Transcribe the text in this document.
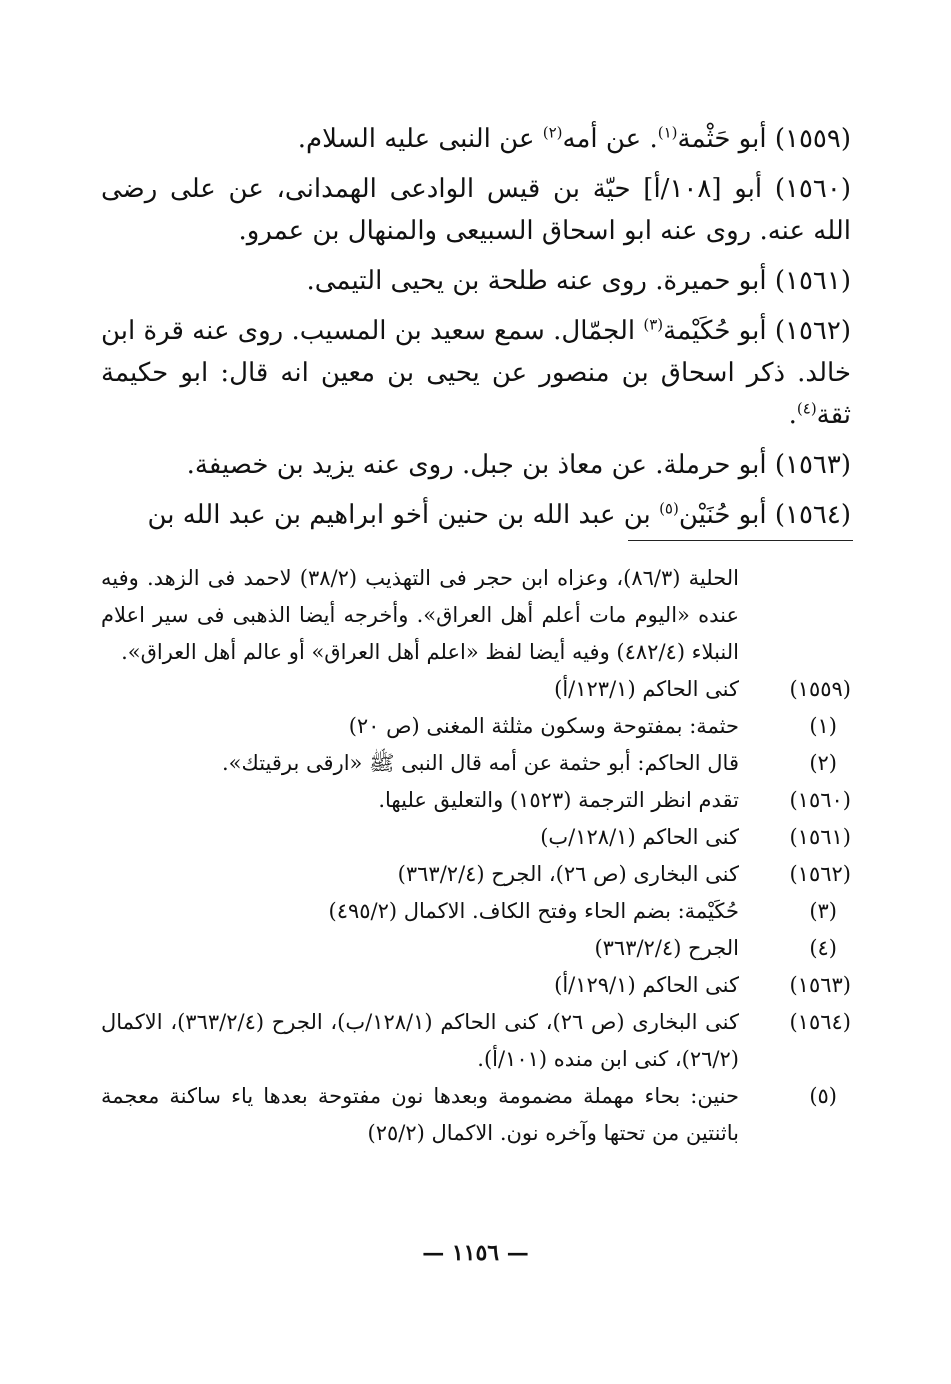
(١٥٥٩) أبو حَثْمة$^{(١)}$. عن أمه$^{(٢)}$ عن النبى عليه السلام.

(١٥٦٠) أبو [١٠٨/أ] حيّة بن قيس الوادعى الهمدانى، عن على رضى الله عنه. روى عنه ابو اسحاق السبيعى والمنهال بن عمرو.

(١٥٦١) أبو حميرة. روى عنه طلحة بن يحيى التيمى.

(١٥٦٢) أبو حُكَيْمة$^{(٣)}$ الجمّال. سمع سعيد بن المسيب. روى عنه قرة ابن خالد. ذكر اسحاق بن منصور عن يحيى بن معين انه قال: ابو حكيمة ثقة$^{(٤)}$.

(١٥٦٣) أبو حرملة. عن معاذ بن جبل. روى عنه يزيد بن خصيفة.

(١٥٦٤) أبو حُنَيْن$^{(٥)}$ بن عبد الله بن حنين أخو ابراهيم بن عبد الله بن

الحلية (٨٦/٣)، وعزاه ابن حجر فى التهذيب (٣٨/٢) لاحمد فى الزهد. وفيه عنده «اليوم مات أعلم أهل العراق». وأخرجه أيضا الذهبى فى سير اعلام النبلاء (٤٨٢/٤) وفيه أيضا لفظ «اعلم أهل العراق» أو عالم أهل العراق».
(١٥٥٩)
كنى الحاكم (١٢٣/١/أ)
(١)
حثمة: بمفتوحة وسكون مثلثة المغنى (ص ٢٠)
(٢)
قال الحاكم: أبو حثمة عن أمه قال النبى ﷺ «ارقى برقيتك».
(١٥٦٠)
تقدم انظر الترجمة (١٥٢٣) والتعليق عليها.
(١٥٦١)
كنى الحاكم (١٢٨/١/ب)
(١٥٦٢)
كنى البخارى (ص ٢٦)، الجرح (٣٦٣/٢/٤)
(٣)
حُكَيْمة: بضم الحاء وفتح الكاف. الاكمال (٤٩٥/٢)
(٤)
الجرح (٣٦٣/٢/٤)
(١٥٦٣)
كنى الحاكم (١٢٩/١/أ)
(١٥٦٤)
كنى البخارى (ص ٢٦)، كنى الحاكم (١٢٨/١/ب)، الجرح (٣٦٣/٢/٤)، الاكمال (٢٦/٢)، كنى ابن منده (١٠١/أ).
(٥)
حنين: بحاء مهملة مضمومة وبعدها نون مفتوحة بعدها ياء ساكنة معجمة باثنتين من تحتها وآخره نون. الاكمال (٢٥/٢)
— ١١٥٦ —
